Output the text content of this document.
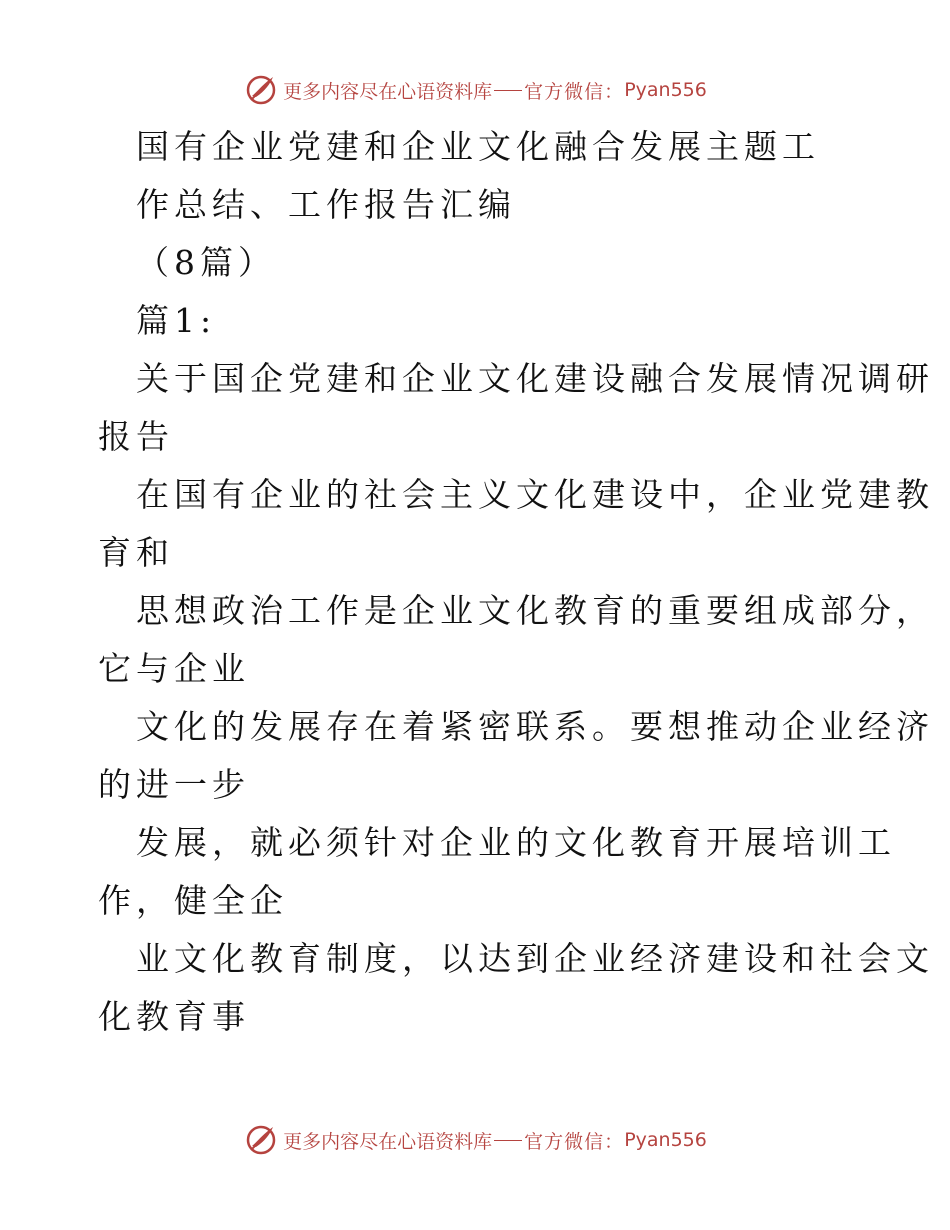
更多内容尽在心语资料库 官方微信： Pyan556
国有企业党建和企业文化融合发展主题工
作总结、工作报告汇编
（8篇）
篇1:
关于国企党建和企业文化建设融合发展情况调研
报告
在国有企业的社会主义文化建设中，企业党建教
育和
思想政治工作是企业文化教育的重要组成部分，
它与企业
文化的发展存在着紧密联系。要想推动企业经济
的进一步
发展，就必须针对企业的文化教育开展培训工
作，健全企
业文化教育制度，以达到企业经济建设和社会文
化教育事
更多内容尽在心语资料库 官方微信： Pyan556
